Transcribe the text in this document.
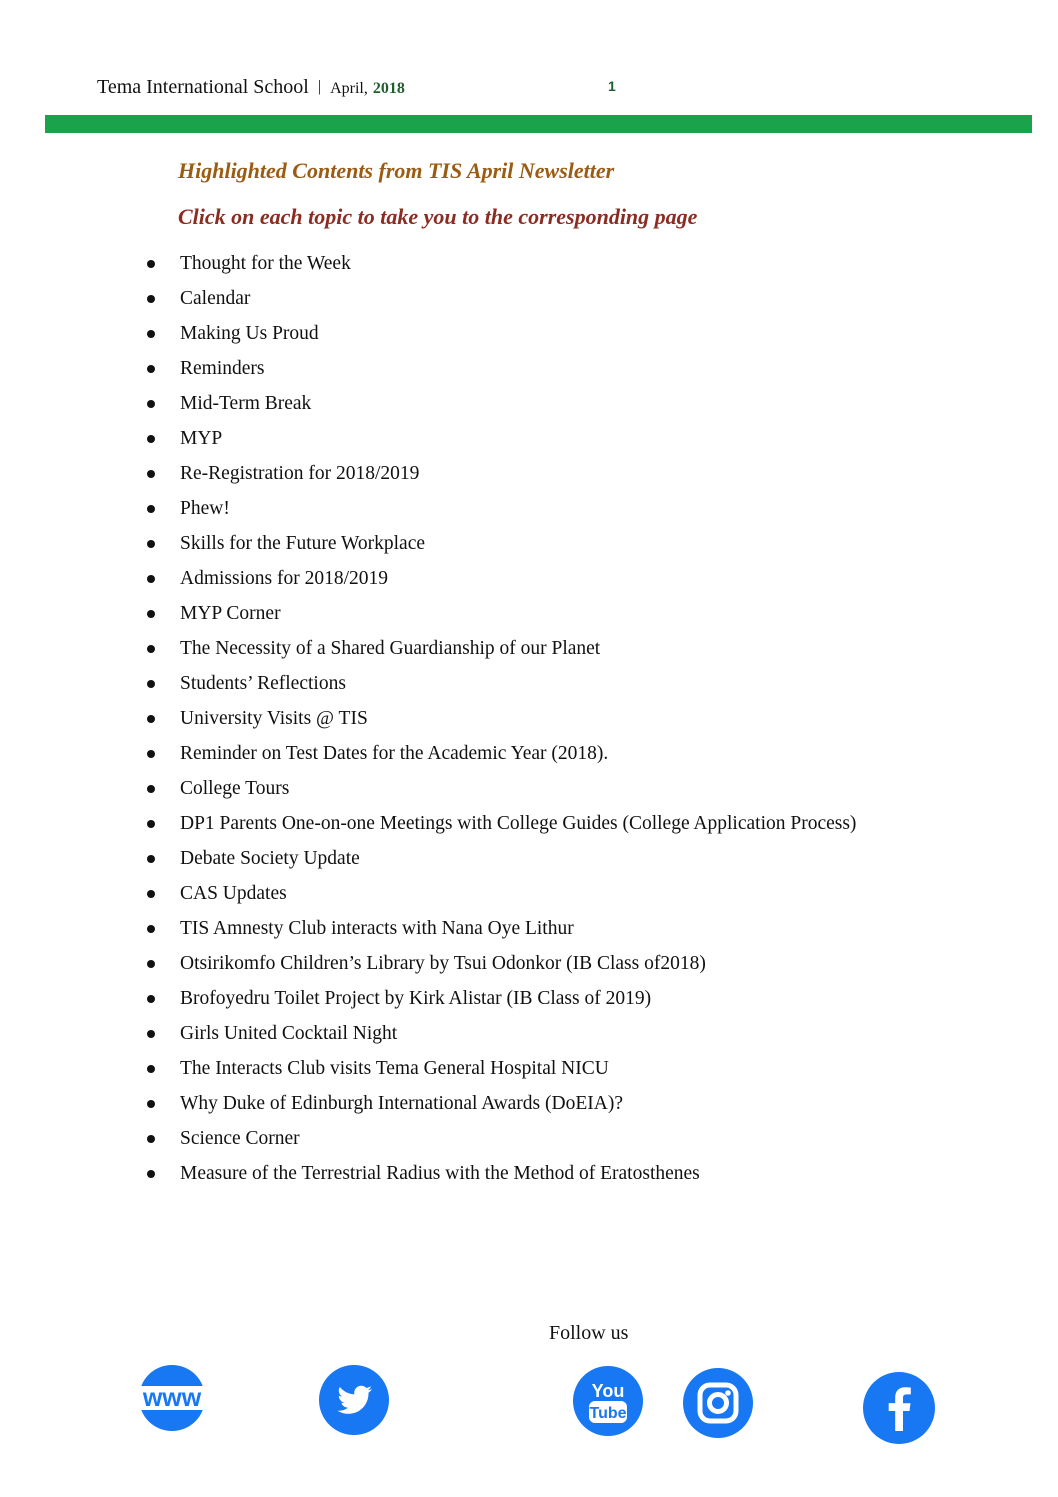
Tema International School | April, 2018	1
Highlighted Contents from TIS April Newsletter
Click on each topic to take you to the corresponding page
Thought for the Week
Calendar
Making Us Proud
Reminders
Mid-Term Break
MYP
Re-Registration for 2018/2019
Phew!
Skills for the Future Workplace
Admissions for 2018/2019
MYP Corner
The Necessity of a Shared Guardianship of our Planet
Students’ Reflections
University Visits @ TIS
Reminder on Test Dates for the Academic Year (2018).
College Tours
DP1 Parents One-on-one Meetings with College Guides (College Application Process)
Debate Society Update
CAS Updates
TIS Amnesty Club interacts with Nana Oye Lithur
Otsirikomfo Children’s Library by Tsui Odonkor (IB Class of2018)
Brofoyedru Toilet Project by Kirk Alistar (IB Class of 2019)
Girls United Cocktail Night
The Interacts Club visits Tema General Hospital NICU
Why Duke of Edinburgh International Awards (DoEIA)?
Science Corner
Measure of the Terrestrial Radius with the Method of Eratosthenes
Follow us
www	You
Tube
